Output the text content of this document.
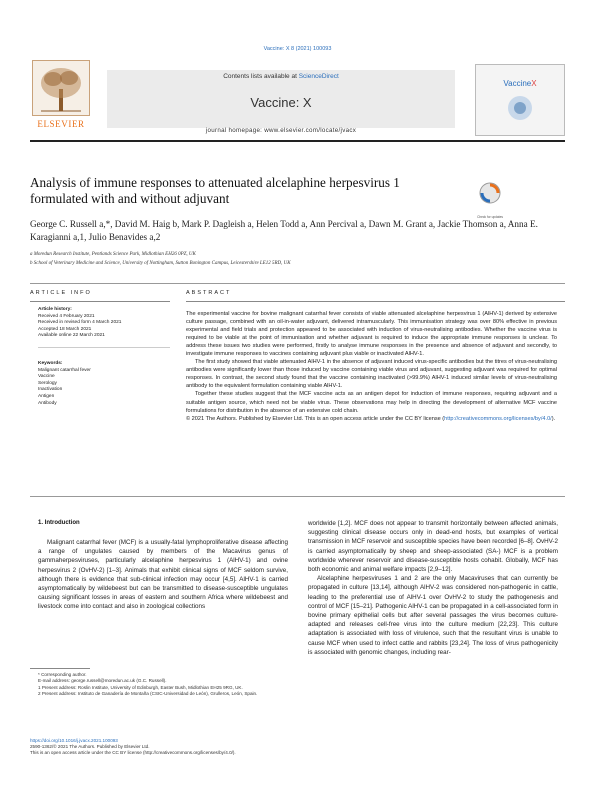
Vaccine: X 8 (2021) 100093
ELSEVIER
Contents lists available at ScienceDirect
Vaccine: X
journal homepage: www.elsevier.com/locate/jvacx
VaccineX
Analysis of immune responses to attenuated alcelaphine herpesvirus 1 formulated with and without adjuvant
Check for updates
George C. Russell a,*, David M. Haig b, Mark P. Dagleish a, Helen Todd a, Ann Percival a, Dawn M. Grant a, Jackie Thomson a, Anna E. Karagianni a,1, Julio Benavides a,2
a Moredun Research Institute, Pentlands Science Park, Midlothian EH26 0PZ, UK
b School of Veterinary Medicine and Science, University of Nottingham, Sutton Bonington Campus, Leicestershire LE12 5RD, UK
ARTICLE INFO
Article history:
Received 4 February 2021
Received in revised form 4 March 2021
Accepted 18 March 2021
Available online 22 March 2021
Keywords:
Malignant catarrhal fever
Vaccine
Serology
Inactivation
Antigen
Antibody
ABSTRACT

The experimental vaccine for bovine malignant catarrhal fever consists of viable attenuated alcelaphine herpesvirus 1 (AlHV-1) derived by extensive culture passage, combined with an oil-in-water adjuvant, delivered intramuscularly. This immunisation strategy was over 80% effective in previous experimental and field trials and protection appeared to be associated with induction of virus-neutralising antibodies. Whether the vaccine virus is required to be viable at the point of immunisation and whether adjuvant is required to induce the appropriate immune responses is unclear. To address these issues two studies were performed, firstly to analyse immune responses in the presence and absence of adjuvant and secondly, to investigate immune responses to vaccines containing adjuvant plus viable or inactivated AlHV-1.

The first study showed that viable attenuated AlHV-1 in the absence of adjuvant induced virus-specific antibodies but the titres of virus-neutralising antibodies were significantly lower than those induced by vaccine containing viable virus and adjuvant, suggesting adjuvant was required for optimal responses. In contrast, the second study found that the vaccine containing inactivated (>99.9%) AlHV-1 induced similar levels of virus-neutralising antibody to the equivalent formulation containing viable AlHV-1.

Together these studies suggest that the MCF vaccine acts as an antigen depot for induction of immune responses, requiring adjuvant and a suitable antigen source, which need not be viable virus. These observations may help in directing the development of alternative MCF vaccine formulations for distribution in the absence of an extensive cold chain.

© 2021 The Authors. Published by Elsevier Ltd. This is an open access article under the CC BY license (http://creativecommons.org/licenses/by/4.0/).

1. Introduction

Malignant catarrhal fever (MCF) is a usually-fatal lymphoproliferative disease affecting a range of ungulates caused by members of the Macavirus genus of gammaherpesviruses, particularly alcelaphine herpesvirus 1 (AlHV-1) and ovine herpesvirus 2 (OvHV-2) [1–3]. Animals that exhibit clinical signs of MCF seldom survive, although there is evidence that sub-clinical infection may occur [4,5]. AlHV-1 is carried asymptomatically by wildebeest but can be transmitted to disease-susceptible ungulates causing significant losses in areas of eastern and southern Africa where wildebeest and livestock come into contact and also in zoological collections

worldwide [1,2]. MCF does not appear to transmit horizontally between affected animals, suggesting clinical disease occurs only in dead-end hosts, but examples of vertical transmission in MCF reservoir and susceptible species have been recorded [6–8]. OvHV-2 is carried asymptomatically by sheep and sheep-associated (SA-) MCF is a problem worldwide wherever reservoir and disease-susceptible hosts cohabit. Globally, MCF has both economic and animal welfare impacts [2,9–12].

Alcelaphine herpesviruses 1 and 2 are the only Macaviruses that can currently be propagated in culture [13,14], although AlHV-2 was considered non-pathogenic in cattle, leading to the preferential use of AlHV-1 over OvHV-2 to study the pathogenesis and control of MCF [15–21]. Pathogenic AlHV-1 can be propagated in a cell-associated form in bovine primary epithelial cells but after several passages the virus becomes culture-adapted and releases cell-free virus into the culture medium [22,23]. This culture adaptation is associated with loss of virulence, such that the resultant virus is unable to cause MCF when used to infect cattle and rabbits [23,24]. The loss of virus pathogenicity is associated with genomic changes, including rear-

* Corresponding author.
E-mail address: george.russell@moredun.ac.uk (G.C. Russell).
1 Present address: Roslin Institute, University of Edinburgh, Easter Bush, Midlothian EH25 9RG, UK.
2 Present address: Instituto de Ganadería de Montaña (CSIC-Universidad de León), Grulleros, León, Spain.
https://doi.org/10.1016/j.jvacx.2021.100093
2590-1362/© 2021 The Authors. Published by Elsevier Ltd.
This is an open access article under the CC BY license (http://creativecommons.org/licenses/by/4.0/).
